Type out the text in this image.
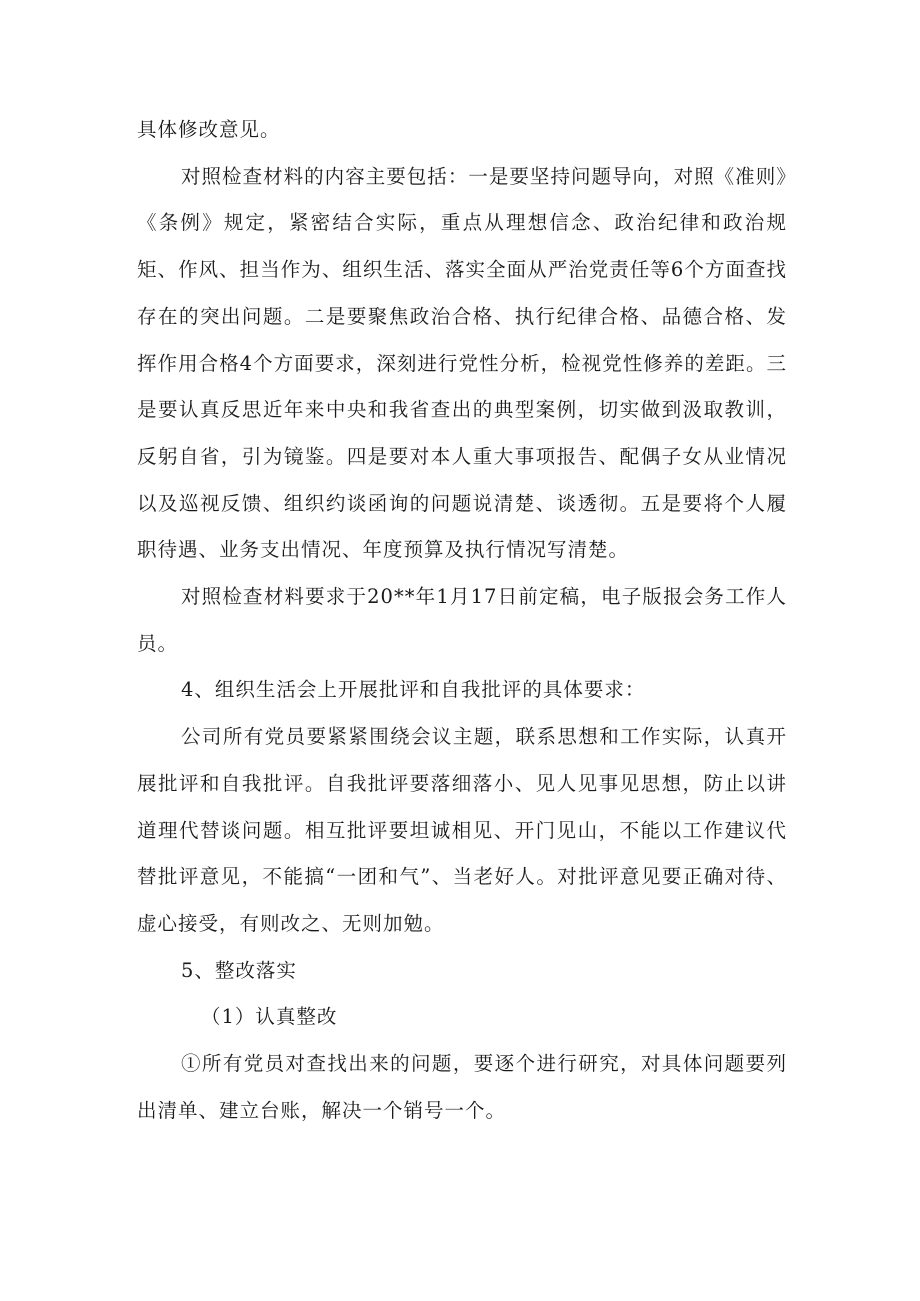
具体修改意见。

对照检查材料的内容主要包括：一是要坚持问题导向，对照《准则》《条例》规定，紧密结合实际，重点从理想信念、政治纪律和政治规矩、作风、担当作为、组织生活、落实全面从严治党责任等6个方面查找存在的突出问题。二是要聚焦政治合格、执行纪律合格、品德合格、发挥作用合格4个方面要求，深刻进行党性分析，检视党性修养的差距。三是要认真反思近年来中央和我省查出的典型案例，切实做到汲取教训，反躬自省，引为镜鉴。四是要对本人重大事项报告、配偶子女从业情况以及巡视反馈、组织约谈函询的问题说清楚、谈透彻。五是要将个人履职待遇、业务支出情况、年度预算及执行情况写清楚。

对照检查材料要求于20**年1月17日前定稿，电子版报会务工作人员。

4、组织生活会上开展批评和自我批评的具体要求：

公司所有党员要紧紧围绕会议主题，联系思想和工作实际，认真开展批评和自我批评。自我批评要落细落小、见人见事见思想，防止以讲道理代替谈问题。相互批评要坦诚相见、开门见山，不能以工作建议代替批评意见，不能搞“一团和气”、当老好人。对批评意见要正确对待、虚心接受，有则改之、无则加勉。

5、整改落实

（1）认真整改

①所有党员对查找出来的问题，要逐个进行研究，对具体问题要列出清单、建立台账，解决一个销号一个。
